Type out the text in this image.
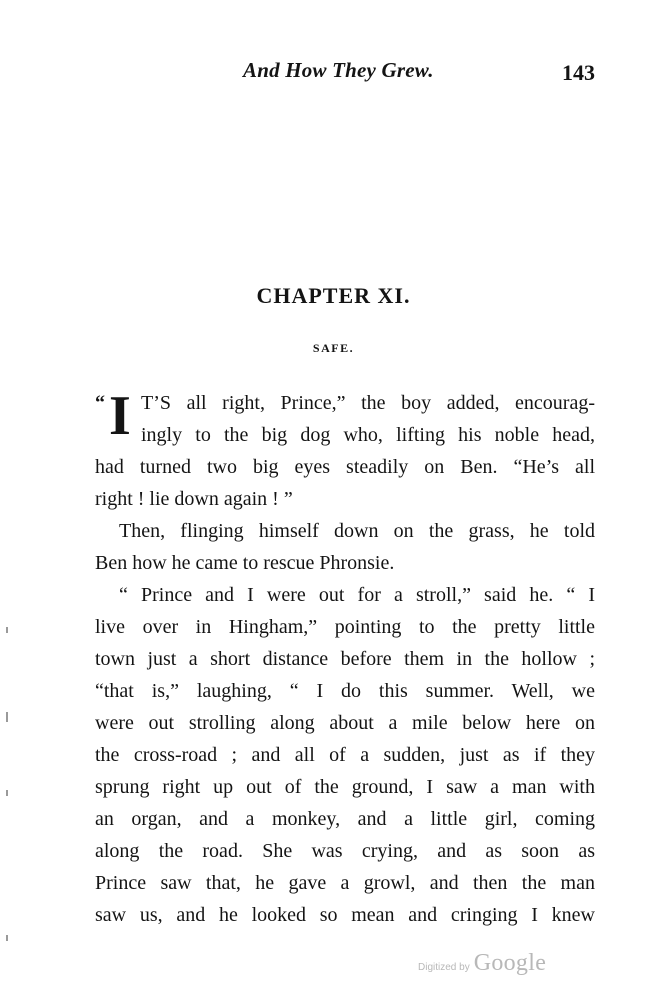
And How They Grew.	143
CHAPTER XI.
SAFE.
“ I T’S all right, Prince,” the boy added, encourag-
ingly to the big dog who, lifting his noble head,
had turned two big eyes steadily on Ben. “He’s all
right ! lie down again ! ”
Then, flinging himself down on the grass, he told
Ben how he came to rescue Phronsie.
“ Prince and I were out for a stroll,” said he. “ I
live over in Hingham,” pointing to the pretty little
town just a short distance before them in the hollow ;
“that is,” laughing, “ I do this summer. Well, we
were out strolling along about a mile below here on
the cross-road ; and all of a sudden, just as if they
sprung right up out of the ground, I saw a man with
an organ, and a monkey, and a little girl, coming
along the road. She was crying, and as soon as
Prince saw that, he gave a growl, and then the man
saw us, and he looked so mean and cringing I knew
Digitized by Google
